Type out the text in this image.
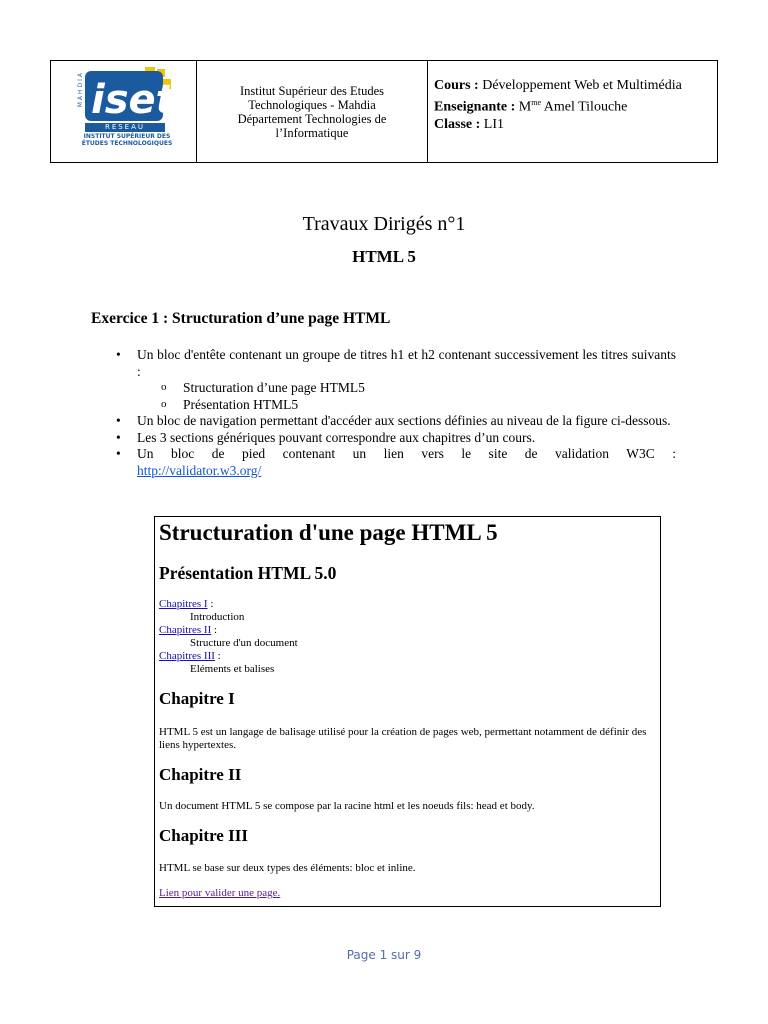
MAHDIA iset
RESEAU
INSTITUT SUPÉRIEUR DES ÉTUDES TECHNOLOGIQUES
Institut Supérieur des Etudes
Technologiques - Mahdia
Département Technologies de
l’Informatique
Cours : Développement Web et Multimédia
Enseignante : $M^{me}$ Amel Tilouche
Classe : LI1
Travaux Dirigés n°1
HTML 5
Exercice 1 : Structuration d’une page HTML
• Un bloc d'entête contenant un groupe de titres h1 et h2 contenant successivement les titres suivants :
o Structuration d’une page HTML5
o Présentation HTML5
• Un bloc de navigation permettant d'accéder aux sections définies au niveau de la figure ci-dessous.
• Les 3 sections génériques pouvant correspondre aux chapitres d’un cours.
• Un bloc de pied contenant un lien vers le site de validation W3C :
http://validator.w3.org/
Structuration d'une page HTML 5
Présentation HTML 5.0
Chapitres I :
Introduction
Chapitres II :
Structure d'un document
Chapitres III :
Eléments et balises
Chapitre I
HTML 5 est un langage de balisage utilisé pour la création de pages web, permettant notamment de définir des liens hypertextes.
Chapitre II
Un document HTML 5 se compose par la racine html et les noeuds fils: head et body.
Chapitre III
HTML se base sur deux types des éléments: bloc et inline.
Lien pour valider une page.
Page 1 sur 9
